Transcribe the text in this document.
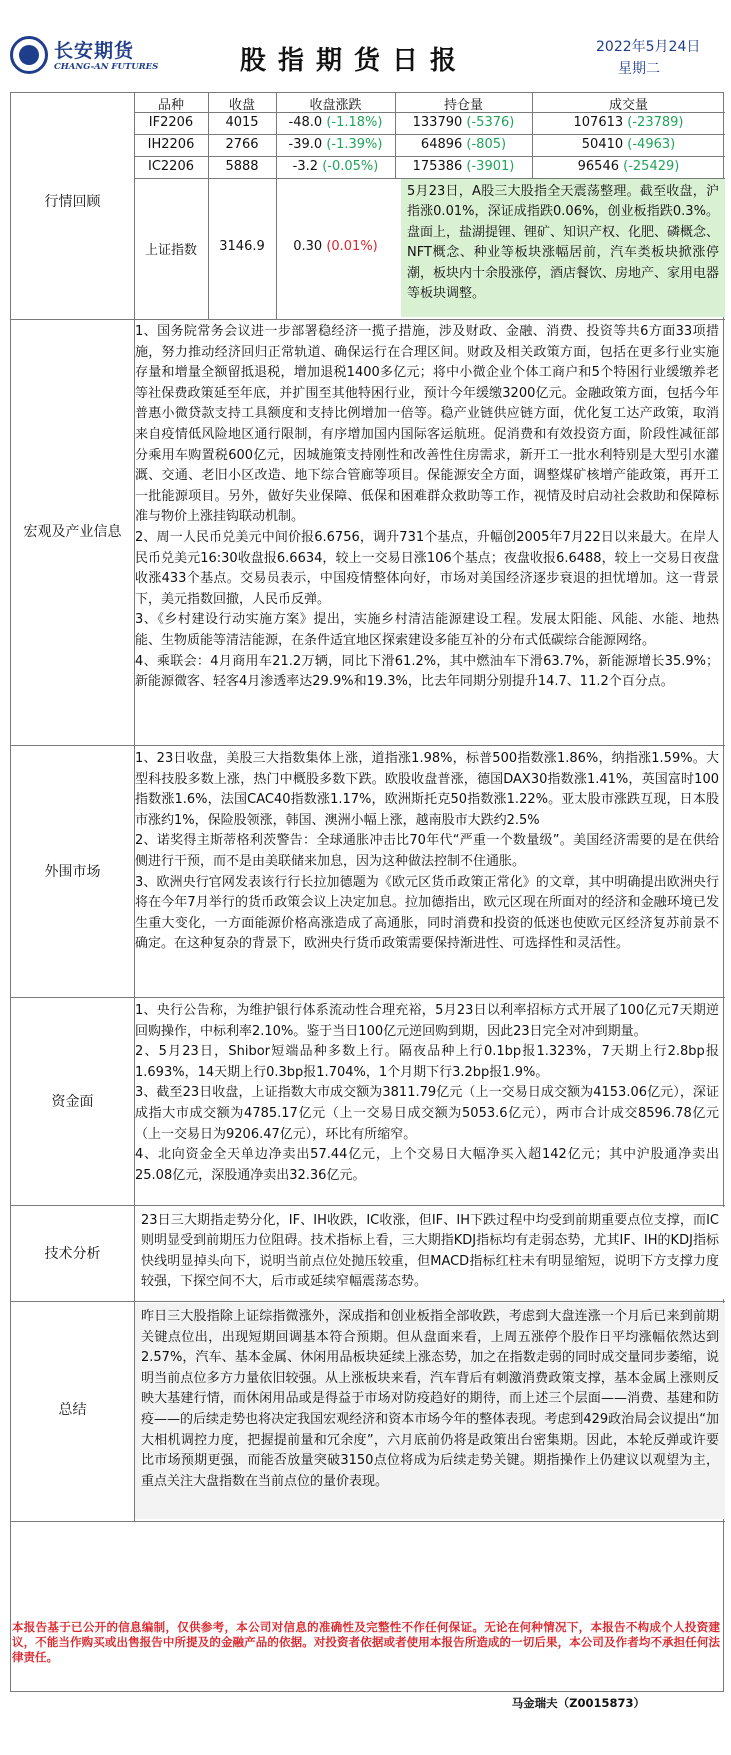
长安期货
CHANG-AN FUTURES	股指期货日报	2022年5月24日
星期二
行情回顾
品种	收盘	收盘涨跌	持仓量	成交量
IF2206	4015	-48.0 (-1.18%)	133790 (-5376)	107613 (-23789)
IH2206	2766	-39.0 (-1.39%)	64896 (-805)	50410 (-4963)
IC2206	5888	-3.2 (-0.05%)	175386 (-3901)	96546 (-25429)
上证指数	3146.9	0.30 (0.01%)
5月23日，A股三大股指全天震荡整理。截至收盘，沪指涨0.01%，深证成指跌0.06%，创业板指跌0.3%。盘面上，盐湖提锂、锂矿、知识产权、化肥、磷概念、NFT概念、种业等板块涨幅居前，汽车类板块掀涨停潮，板块内十余股涨停，酒店餐饮、房地产、家用电器等板块调整。
宏观及产业信息
1、国务院常务会议进一步部署稳经济一揽子措施，涉及财政、金融、消费、投资等共6方面33项措施，努力推动经济回归正常轨道、确保运行在合理区间。财政及相关政策方面，包括在更多行业实施存量和增量全额留抵退税，增加退税1400多亿元；将中小微企业个体工商户和5个特困行业缓缴养老等社保费政策延至年底，并扩围至其他特困行业，预计今年缓缴3200亿元。金融政策方面，包括今年普惠小微贷款支持工具额度和支持比例增加一倍等。稳产业链供应链方面，优化复工达产政策，取消来自疫情低风险地区通行限制，有序增加国内国际客运航班。促消费和有效投资方面，阶段性减征部分乘用车购置税600亿元，因城施策支持刚性和改善性住房需求，新开工一批水利特别是大型引水灌溉、交通、老旧小区改造、地下综合管廊等项目。保能源安全方面，调整煤矿核增产能政策，再开工一批能源项目。另外，做好失业保障、低保和困难群众救助等工作，视情及时启动社会救助和保障标准与物价上涨挂钩联动机制。
2、周一人民币兑美元中间价报6.6756，调升731个基点，升幅创2005年7月22日以来最大。在岸人民币兑美元16:30收盘报6.6634，较上一交易日涨106个基点；夜盘收报6.6488，较上一交易日夜盘收涨433个基点。交易员表示，中国疫情整体向好，市场对美国经济逐步衰退的担忧增加。这一背景下，美元指数回撤，人民币反弹。
3、《乡村建设行动实施方案》提出，实施乡村清洁能源建设工程。发展太阳能、风能、水能、地热能、生物质能等清洁能源，在条件适宜地区探索建设多能互补的分布式低碳综合能源网络。
4、乘联会：4月商用车21.2万辆，同比下滑61.2%，其中燃油车下滑63.7%，新能源增长35.9%；新能源微客、轻客4月渗透率达29.9%和19.3%，比去年同期分别提升14.7、11.2个百分点。
外围市场
1、23日收盘，美股三大指数集体上涨，道指涨1.98%，标普500指数涨1.86%，纳指涨1.59%。大型科技股多数上涨，热门中概股多数下跌。欧股收盘普涨，德国DAX30指数涨1.41%，英国富时100指数涨1.6%，法国CAC40指数涨1.17%，欧洲斯托克50指数涨1.22%。亚太股市涨跌互现，日本股市涨约1%，保险股领涨，韩国、澳洲小幅上涨，越南股市大跌约2.5%
2、诺奖得主斯蒂格利茨警告：全球通胀冲击比70年代“严重一个数量级”。美国经济需要的是在供给侧进行干预，而不是由美联储来加息，因为这种做法控制不住通胀。
3、欧洲央行官网发表该行行长拉加德题为《欧元区货币政策正常化》的文章，其中明确提出欧洲央行将在今年7月举行的货币政策会议上决定加息。拉加德指出，欧元区现在所面对的经济和金融环境已发生重大变化，一方面能源价格高涨造成了高通胀，同时消费和投资的低迷也使欧元区经济复苏前景不确定。在这种复杂的背景下，欧洲央行货币政策需要保持渐进性、可选择性和灵活性。
资金面
1、央行公告称，为维护银行体系流动性合理充裕，5月23日以利率招标方式开展了100亿元7天期逆回购操作，中标利率2.10%。鉴于当日100亿元逆回购到期，因此23日完全对冲到期量。
2、5月23日，Shibor短端品种多数上行。隔夜品种上行0.1bp报1.323%，7天期上行2.8bp报1.693%，14天期上行0.3bp报1.704%，1个月期下行3.2bp报1.9%。
3、截至23日收盘，上证指数大市成交额为3811.79亿元（上一交易日成交额为4153.06亿元），深证成指大市成交额为4785.17亿元（上一交易日成交额为5053.6亿元），两市合计成交8596.78亿元（上一交易日为9206.47亿元），环比有所缩窄。
4、北向资金全天单边净卖出57.44亿元，上个交易日大幅净买入超142亿元；其中沪股通净卖出25.08亿元，深股通净卖出32.36亿元。
技术分析
23日三大期指走势分化，IF、IH收跌，IC收涨，但IF、IH下跌过程中均受到前期重要点位支撑，而IC则明显受到前期压力位阻碍。技术指标上看，三大期指KDJ指标均有走弱态势，尤其IF、IH的KDJ指标快线明显掉头向下，说明当前点位处抛压较重，但MACD指标红柱未有明显缩短，说明下方支撑力度较强，下探空间不大，后市或延续窄幅震荡态势。
总结
昨日三大股指除上证综指微涨外，深成指和创业板指全部收跌，考虑到大盘连涨一个月后已来到前期关键点位出，出现短期回调基本符合预期。但从盘面来看，上周五涨停个股作日平均涨幅依然达到2.57%，汽车、基本金属、休闲用品板块延续上涨态势，加之在指数走弱的同时成交量同步萎缩，说明当前点位多方力量依旧较强。从上涨板块来看，汽车背后有刺激消费政策支撑，基本金属上涨则反映大基建行情，而休闲用品或是得益于市场对防疫趋好的期待，而上述三个层面——消费、基建和防疫——的后续走势也将决定我国宏观经济和资本市场今年的整体表现。考虑到429政治局会议提出“加大相机调控力度，把握提前量和冗余度”，六月底前仍将是政策出台密集期。因此，本轮反弹或许要比市场预期更强，而能否放量突破3150点位将成为后续走势关键。期指操作上仍建议以观望为主，重点关注大盘指数在当前点位的量价表现。
马金瑞夫（Z0015873）
本报告基于已公开的信息编制，仅供参考，本公司对信息的准确性及完整性不作任何保证。无论在何种情况下，本报告不构成个人投资建议，不能当作购买或出售报告中所提及的金融产品的依据。对投资者依据或者使用本报告所造成的一切后果，本公司及作者均不承担任何法律责任。
